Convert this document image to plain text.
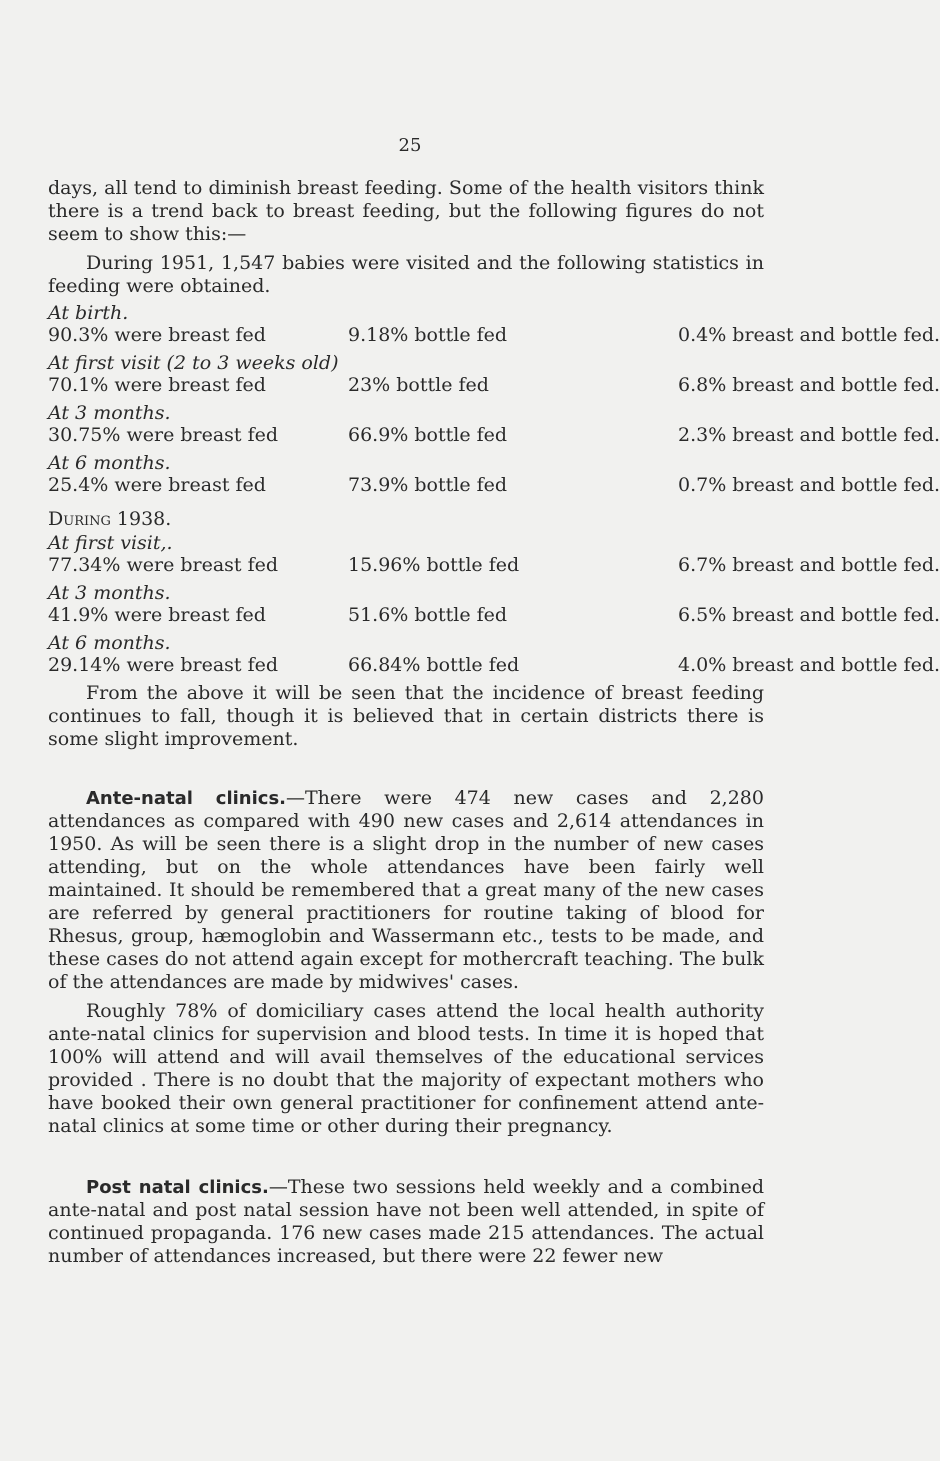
25

days, all tend to diminish breast feeding. Some of the health visitors think there is a trend back to breast feeding, but the following figures do not seem to show this:—

During 1951, 1,547 babies were visited and the following statistics in feeding were obtained.

At birth.
90.3% were breast fed	9.18% bottle fed	0.4% breast and bottle fed.
At first visit (2 to 3 weeks old)
70.1% were breast fed	23% bottle fed	6.8% breast and bottle fed.
At 3 months.
30.75% were breast fed	66.9% bottle fed	2.3% breast and bottle fed.
At 6 months.
25.4% were breast fed	73.9% bottle fed	0.7% breast and bottle fed.
During 1938.
At first visit,.
77.34% were breast fed	15.96% bottle fed	6.7% breast and bottle fed.
At 3 months.
41.9% were breast fed	51.6% bottle fed	6.5% breast and bottle fed.
At 6 months.
29.14% were breast fed	66.84% bottle fed	4.0% breast and bottle fed.

From the above it will be seen that the incidence of breast feeding continues to fall, though it is believed that in certain districts there is some slight improvement.

Ante-natal clinics.—There were 474 new cases and 2,280 attendances as compared with 490 new cases and 2,614 attendances in 1950. As will be seen there is a slight drop in the number of new cases attending, but on the whole attendances have been fairly well maintained. It should be remembered that a great many of the new cases are referred by general practitioners for routine taking of blood for Rhesus, group, hæmoglobin and Wassermann etc., tests to be made, and these cases do not attend again except for mothercraft teaching. The bulk of the attendances are made by midwives' cases.

Roughly 78% of domiciliary cases attend the local health authority ante-natal clinics for supervision and blood tests. In time it is hoped that 100% will attend and will avail themselves of the educational services provided . There is no doubt that the majority of expectant mothers who have booked their own general practitioner for confinement attend ante-natal clinics at some time or other during their pregnancy.

Post natal clinics.—These two sessions held weekly and a combined ante-natal and post natal session have not been well attended, in spite of continued propaganda. 176 new cases made 215 attendances. The actual number of attendances increased, but there were 22 fewer new
